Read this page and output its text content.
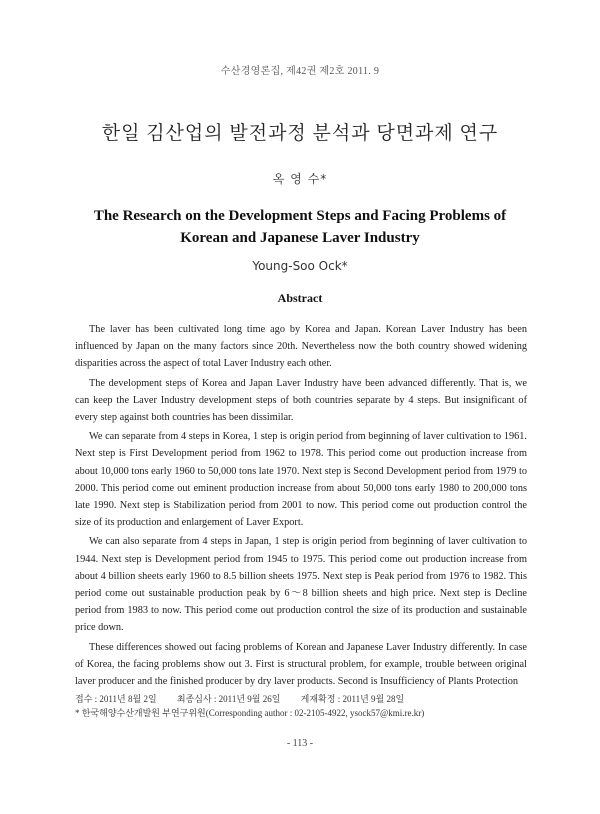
수산경영론집, 제42권 제2호 2011. 9
한일 김산업의 발전과정 분석과 당면과제 연구
옥 영 수*
The Research on the Development Steps and Facing Problems of
Korean and Japanese Laver Industry
Young-Soo Ock*
Abstract

The laver has been cultivated long time ago by Korea and Japan. Korean Laver Industry has been influenced by Japan on the many factors since 20th. Nevertheless now the both country showed widening disparities across the aspect of total Laver Industry each other.

The development steps of Korea and Japan Laver Industry have been advanced differently. That is, we can keep the Laver Industry development steps of both countries separate by 4 steps. But insignificant of every step against both countries has been dissimilar.

We can separate from 4 steps in Korea, 1 step is origin period from beginning of laver cultivation to 1961. Next step is First Development period from 1962 to 1978. This period come out production increase from about 10,000 tons early 1960 to 50,000 tons late 1970. Next step is Second Development period from 1979 to 2000. This period come out eminent production increase from about 50,000 tons early 1980 to 200,000 tons late 1990. Next step is Stabilization period from 2001 to now. This period come out production control the size of its production and enlargement of Laver Export.

We can also separate from 4 steps in Japan, 1 step is origin period from beginning of laver cultivation to 1944. Next step is Development period from 1945 to 1975. This period come out production increase from about 4 billion sheets early 1960 to 8.5 billion sheets 1975. Next step is Peak period from 1976 to 1982. This period come out sustainable production peak by 6～8 billion sheets and high price. Next step is Decline period from 1983 to now. This period come out production control the size of its production and sustainable price down.

These differences showed out facing problems of Korean and Japanese Laver Industry differently. In case of Korea, the facing problems show out 3. First is structural problem, for example, trouble between original laver producer and the finished producer by dry laver products. Second is Insufficiency of Plants Protection

접수 : 2011년 8월 2일 최종심사 : 2011년 9월 26일 게재확정 : 2011년 9월 28일
* 한국해양수산개발원 부연구위원(Corresponding author : 02-2105-4922, ysock57@kmi.re.kr)
- 113 -
